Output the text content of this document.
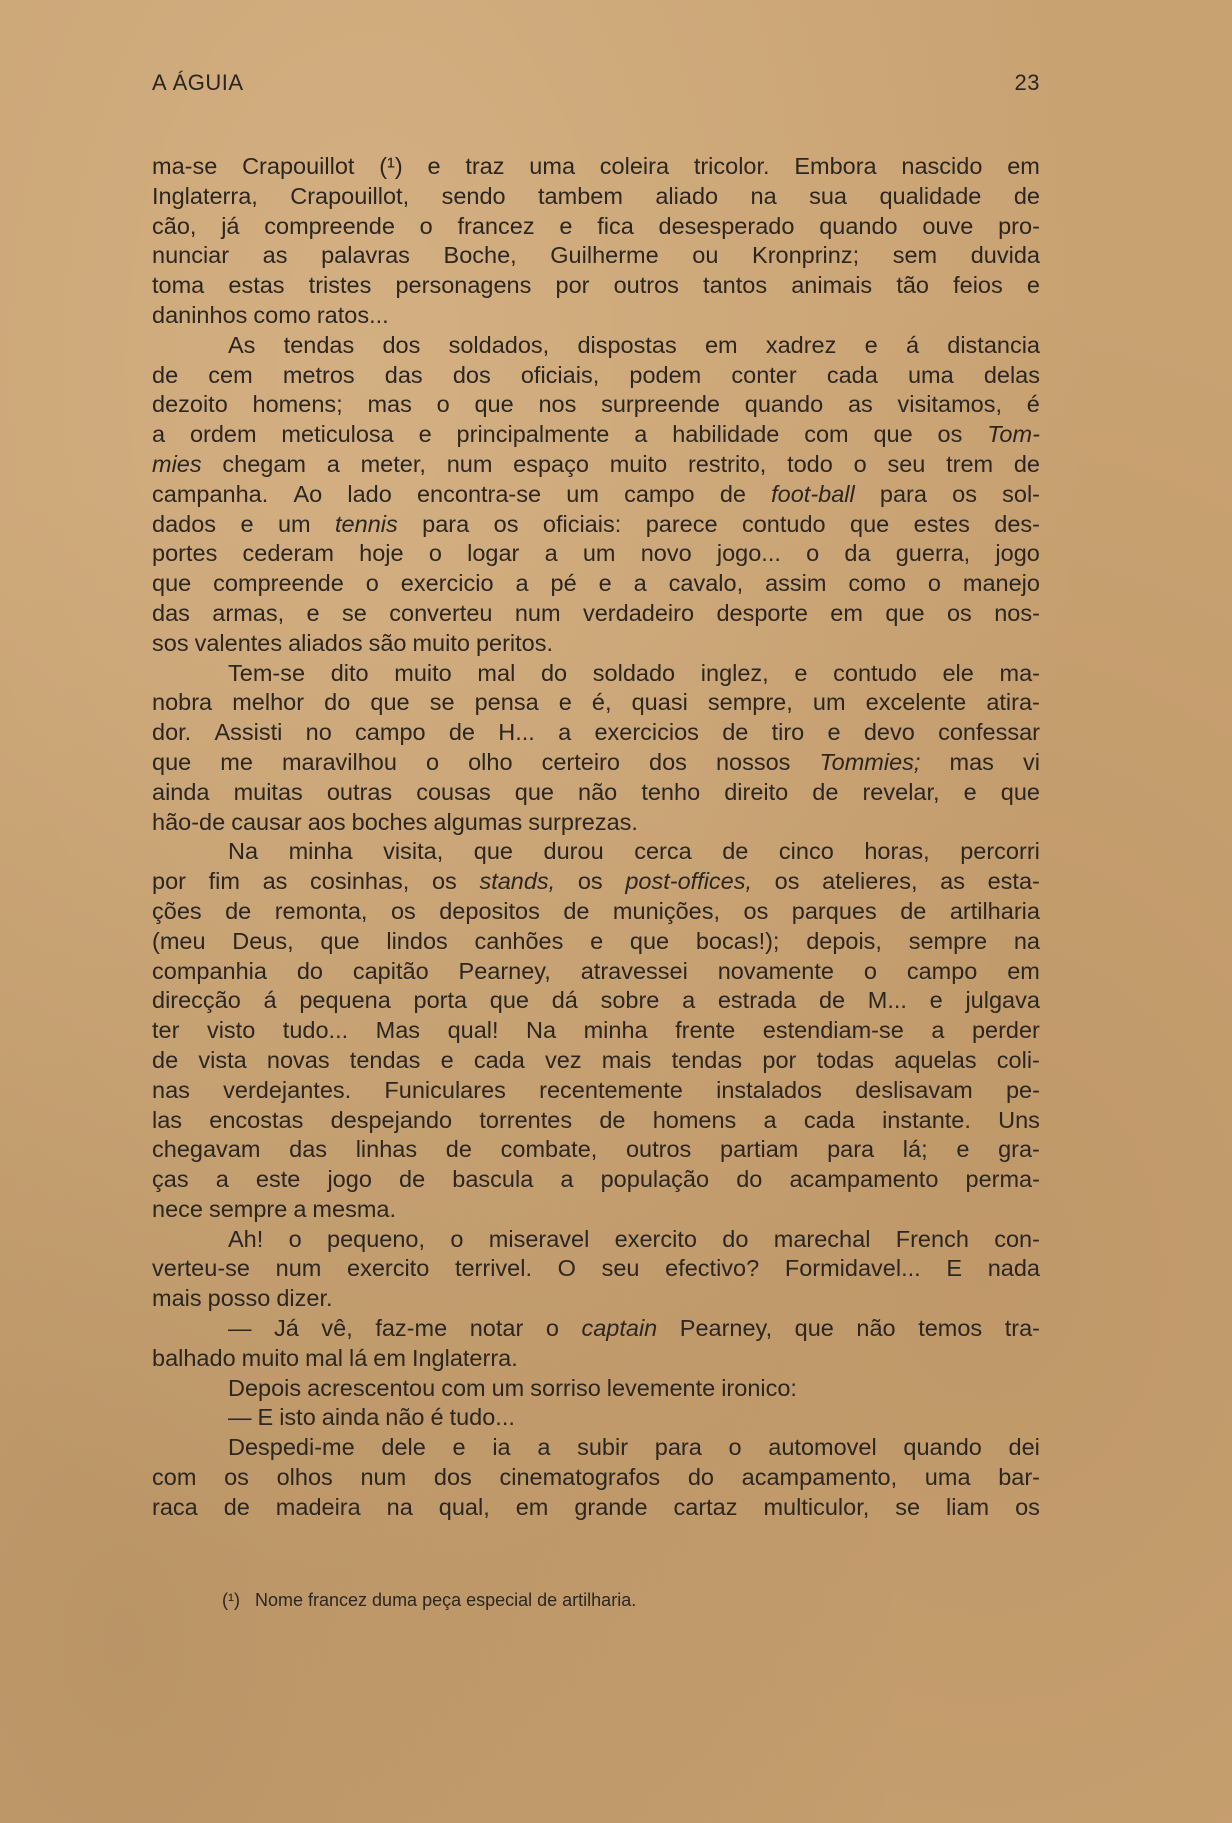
A ÁGUIA	23
ma-se Crapouillot (¹) e traz uma coleira tricolor. Embora nascido em
Inglaterra, Crapouillot, sendo tambem aliado na sua qualidade de
cão, já compreende o francez e fica desesperado quando ouve pro-
nunciar as palavras Boche, Guilherme ou Kronprinz; sem duvida
toma estas tristes personagens por outros tantos animais tão feios e
daninhos como ratos...
As tendas dos soldados, dispostas em xadrez e á distancia
de cem metros das dos oficiais, podem conter cada uma delas
dezoito homens; mas o que nos surpreende quando as visitamos, é
a ordem meticulosa e principalmente a habilidade com que os Tom-
mies chegam a meter, num espaço muito restrito, todo o seu trem de
campanha. Ao lado encontra-se um campo de foot-ball para os sol-
dados e um tennis para os oficiais: parece contudo que estes des-
portes cederam hoje o logar a um novo jogo... o da guerra, jogo
que compreende o exercicio a pé e a cavalo, assim como o manejo
das armas, e se converteu num verdadeiro desporte em que os nos-
sos valentes aliados são muito peritos.
Tem-se dito muito mal do soldado inglez, e contudo ele ma-
nobra melhor do que se pensa e é, quasi sempre, um excelente atira-
dor. Assisti no campo de H... a exercicios de tiro e devo confessar
que me maravilhou o olho certeiro dos nossos Tommies; mas vi
ainda muitas outras cousas que não tenho direito de revelar, e que
hão-de causar aos boches algumas surprezas.
Na minha visita, que durou cerca de cinco horas, percorri
por fim as cosinhas, os stands, os post-offices, os atelieres, as esta-
ções de remonta, os depositos de munições, os parques de artilharia
(meu Deus, que lindos canhões e que bocas!); depois, sempre na
companhia do capitão Pearney, atravessei novamente o campo em
direcção á pequena porta que dá sobre a estrada de M... e julgava
ter visto tudo... Mas qual! Na minha frente estendiam-se a perder
de vista novas tendas e cada vez mais tendas por todas aquelas coli-
nas verdejantes. Funiculares recentemente instalados deslisavam pe-
las encostas despejando torrentes de homens a cada instante. Uns
chegavam das linhas de combate, outros partiam para lá; e gra-
ças a este jogo de bascula a população do acampamento perma-
nece sempre a mesma.
Ah! o pequeno, o miseravel exercito do marechal French con-
verteu-se num exercito terrivel. O seu efectivo? Formidavel... E nada
mais posso dizer.
— Já vê, faz-me notar o captain Pearney, que não temos tra-
balhado muito mal lá em Inglaterra.
Depois acrescentou com um sorriso levemente ironico:
— E isto ainda não é tudo...
Despedi-me dele e ia a subir para o automovel quando dei
com os olhos num dos cinematografos do acampamento, uma bar-
raca de madeira na qual, em grande cartaz multiculor, se liam os
(¹) Nome francez duma peça especial de artilharia.
